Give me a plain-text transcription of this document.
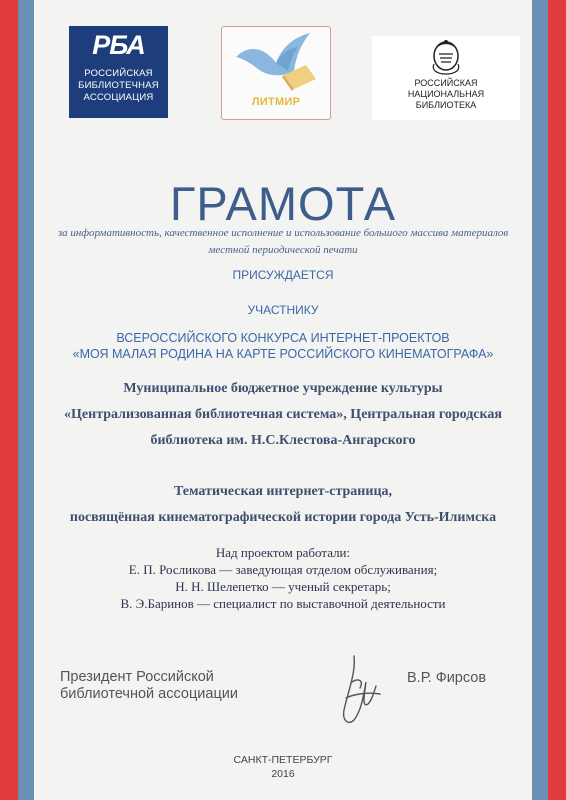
РБА
РОССИЙСКАЯ
БИБЛИОТЕЧНАЯ
АССОЦИАЦИЯ	ЛИТМИР
РОССИЙСКАЯ
НАЦИОНАЛЬНАЯ
БИБЛИОТЕКА
ГРАМОТА
за информативность, качественное исполнение и использование большого массива материалов
местной периодической печати
ПРИСУЖДАЕТСЯ
УЧАСТНИКУ
ВСЕРОССИЙСКОГО КОНКУРСА ИНТЕРНЕТ-ПРОЕКТОВ
«МОЯ МАЛАЯ РОДИНА НА КАРТЕ РОССИЙСКОГО КИНЕМАТОГРАФА»
Муниципальное бюджетное учреждение культуры
«Централизованная библиотечная система», Центральная городская
библиотека им. Н.С.Клестова-Ангарского
Тематическая интернет-страница,
посвящённая кинематографической истории города Усть-Илимска
Над проектом работали:
Е. П. Росликова — заведующая отделом обслуживания;
Н. Н. Шелепетко — ученый секретарь;
В. Э.Баринов — специалист по выставочной деятельности
Президент Российской
библиотечной ассоциации
В.Р. Фирсов
САНКТ-ПЕТЕРБУРГ
2016
